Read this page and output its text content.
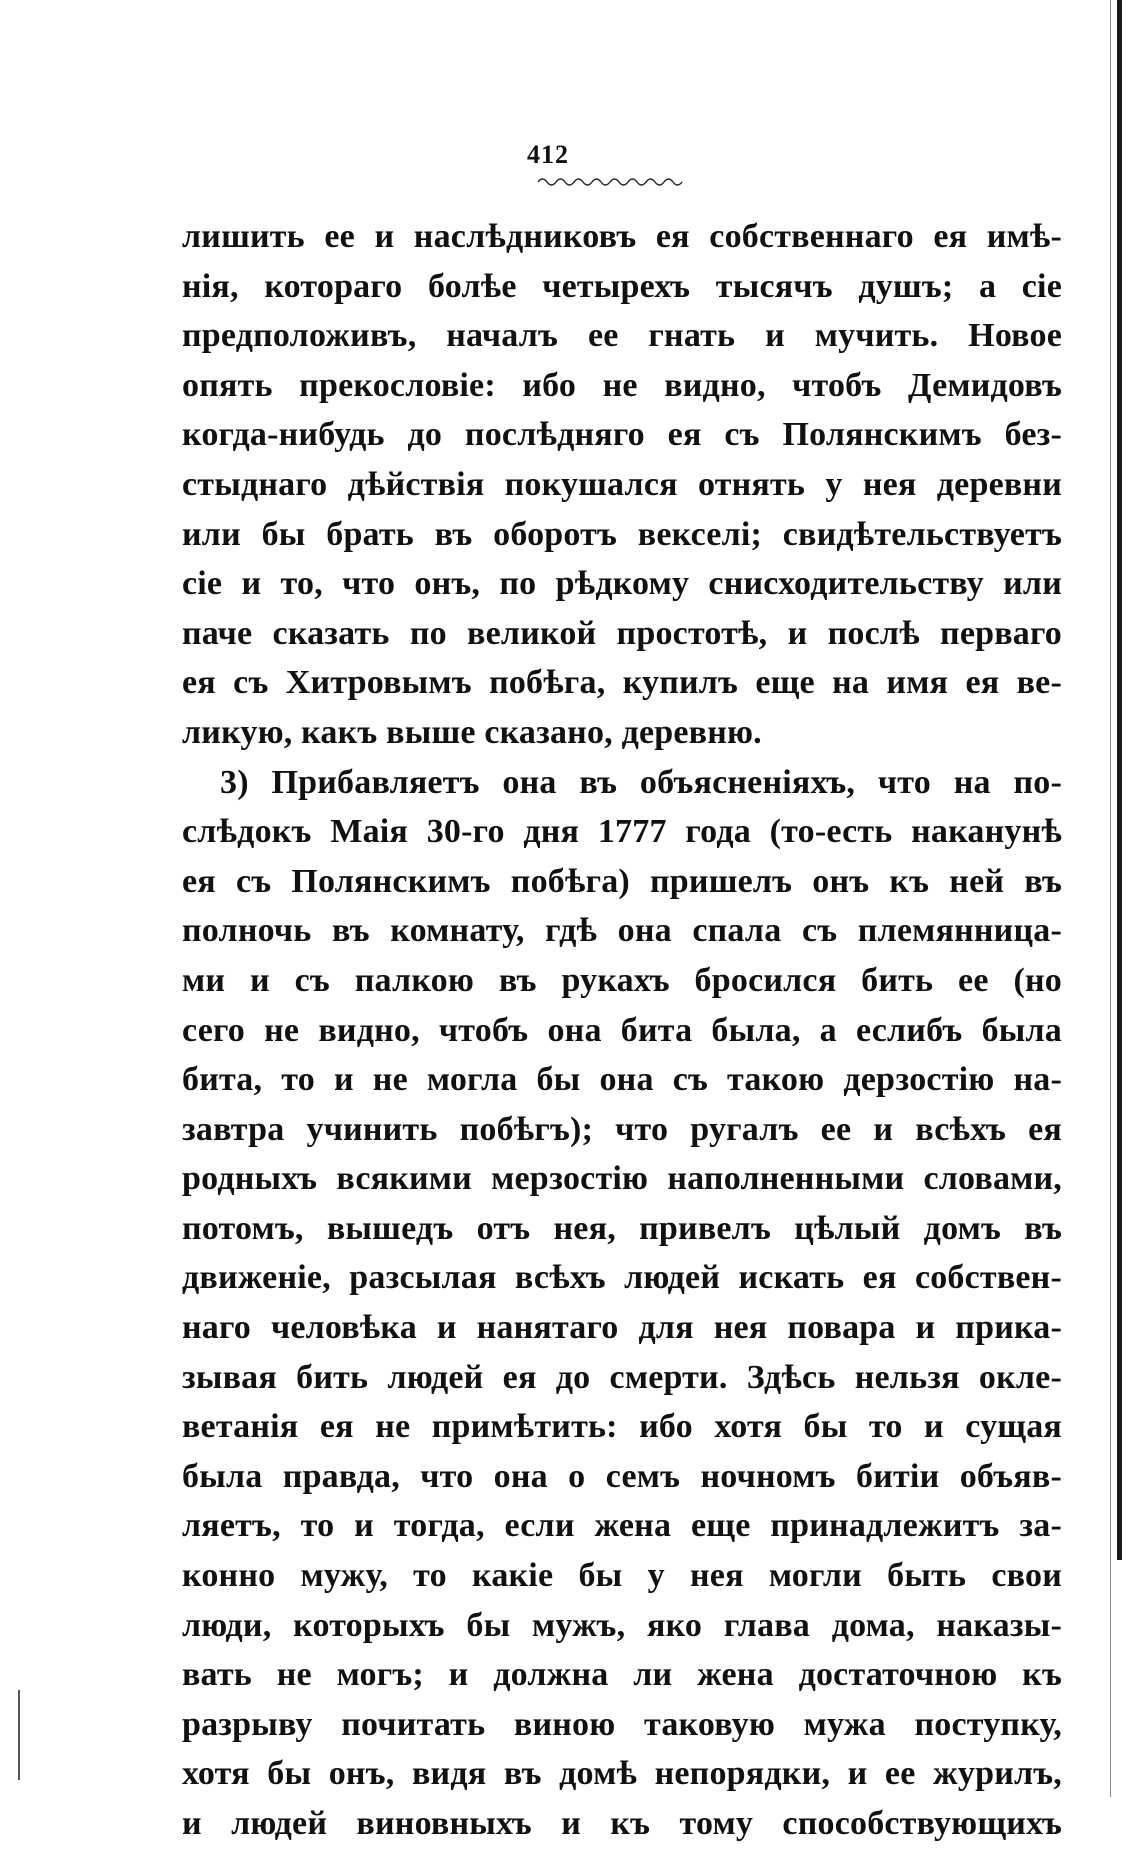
412
лишить ее и наслѣдниковъ ея собственнаго ея имѣ-
нія, котораго болѣе четырехъ тысячъ душъ; а сіе
предположивъ, началъ ее гнать и мучить. Новое
опять прекословіе: ибо не видно, чтобъ Демидовъ
когда-нибудь до послѣдняго ея съ Полянскимъ без-
стыднаго дѣйствія покушался отнять у нея деревни
или бы брать въ оборотъ векселі; свидѣтельствуетъ
сіе и то, что онъ, по рѣдкому снисходительству или
паче сказать по великой простотѣ, и послѣ перваго
ея съ Хитровымъ побѣга, купилъ еще на имя ея ве-
ликую, какъ выше сказано, деревню.
3) Прибавляетъ она въ объясненіяхъ, что на по-
слѣдокъ Маія 30-го дня 1777 года (то-есть наканунѣ
ея съ Полянскимъ побѣга) пришелъ онъ къ ней въ
полночь въ комнату, гдѣ она спала съ племянница-
ми и съ палкою въ рукахъ бросился бить ее (но
сего не видно, чтобъ она бита была, а еслибъ была
бита, то и не могла бы она съ такою дерзостію на-
завтра учинить побѣгъ); что ругалъ ее и всѣхъ ея
родныхъ всякими мерзостію наполненными словами,
потомъ, вышедъ отъ нея, привелъ цѣлый домъ въ
движеніе, разсылая всѣхъ людей искать ея собствен-
наго человѣка и нанятаго для нея повара и прика-
зывая бить людей ея до смерти. Здѣсь нельзя окле-
ветанія ея не примѣтить: ибо хотя бы то и сущая
была правда, что она о семъ ночномъ битіи объяв-
ляетъ, то и тогда, если жена еще принадлежитъ за-
конно мужу, то какіе бы у нея могли быть свои
люди, которыхъ бы мужъ, яко глава дома, наказы-
вать не могъ; и должна ли жена достаточною къ
разрыву почитать виною таковую мужа поступку,
хотя бы онъ, видя въ домѣ непорядки, и ее журилъ,
и людей виновныхъ и къ тому способствующихъ
